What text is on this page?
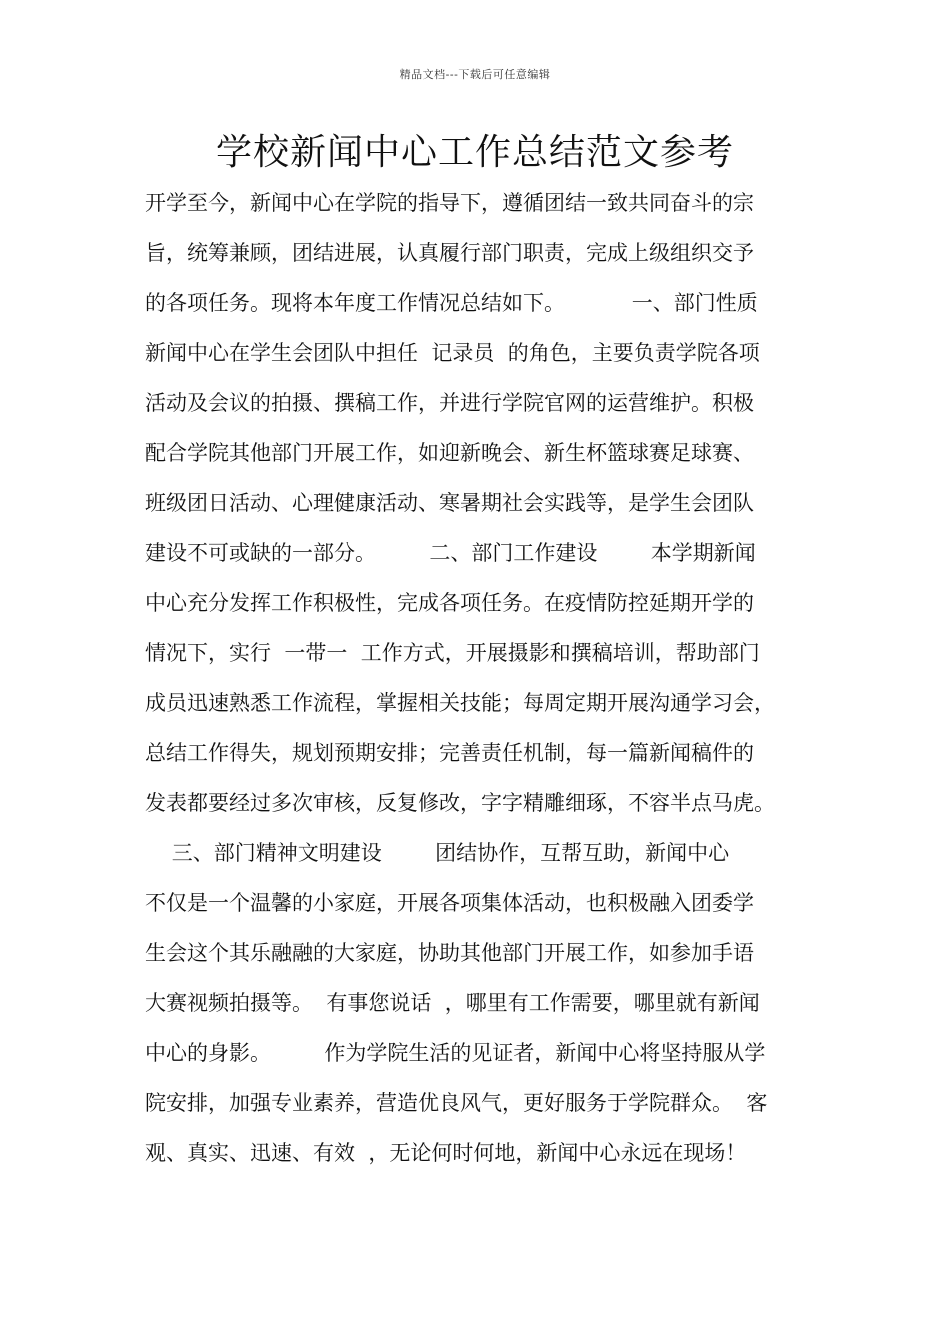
精品文档---下载后可任意编辑
学校新闻中心工作总结范文参考
开学至今，新闻中心在学院的指导下，遵循团结一致共同奋斗的宗
旨，统筹兼顾，团结进展，认真履行部门职责，完成上级组织交予
的各项任务。现将本年度工作情况总结如下。          一、部门性质
新闻中心在学生会团队中担任  记录员  的角色，主要负责学院各项
活动及会议的拍摄、撰稿工作，并进行学院官网的运营维护。积极
配合学院其他部门开展工作，如迎新晚会、新生杯篮球赛足球赛、
班级团日活动、心理健康活动、寒暑期社会实践等，是学生会团队
建设不可或缺的一部分。        二、部门工作建设        本学期新闻
中心充分发挥工作积极性，完成各项任务。在疫情防控延期开学的
情况下，实行  一带一  工作方式，开展摄影和撰稿培训，帮助部门
成员迅速熟悉工作流程，掌握相关技能；每周定期开展沟通学习会，
总结工作得失，规划预期安排；完善责任机制，每一篇新闻稿件的
发表都要经过多次审核，反复修改，字字精雕细琢，不容半点马虎。
三、部门精神文明建设        团结协作，互帮互助，新闻中心
不仅是一个温馨的小家庭，开展各项集体活动，也积极融入团委学
生会这个其乐融融的大家庭，协助其他部门开展工作，如参加手语
大赛视频拍摄等。  有事您说话  ，哪里有工作需要，哪里就有新闻
中心的身影。        作为学院生活的见证者，新闻中心将坚持服从学
院安排，加强专业素养，营造优良风气，更好服务于学院群众。  客
观、真实、迅速、有效  ，无论何时何地，新闻中心永远在现场！
